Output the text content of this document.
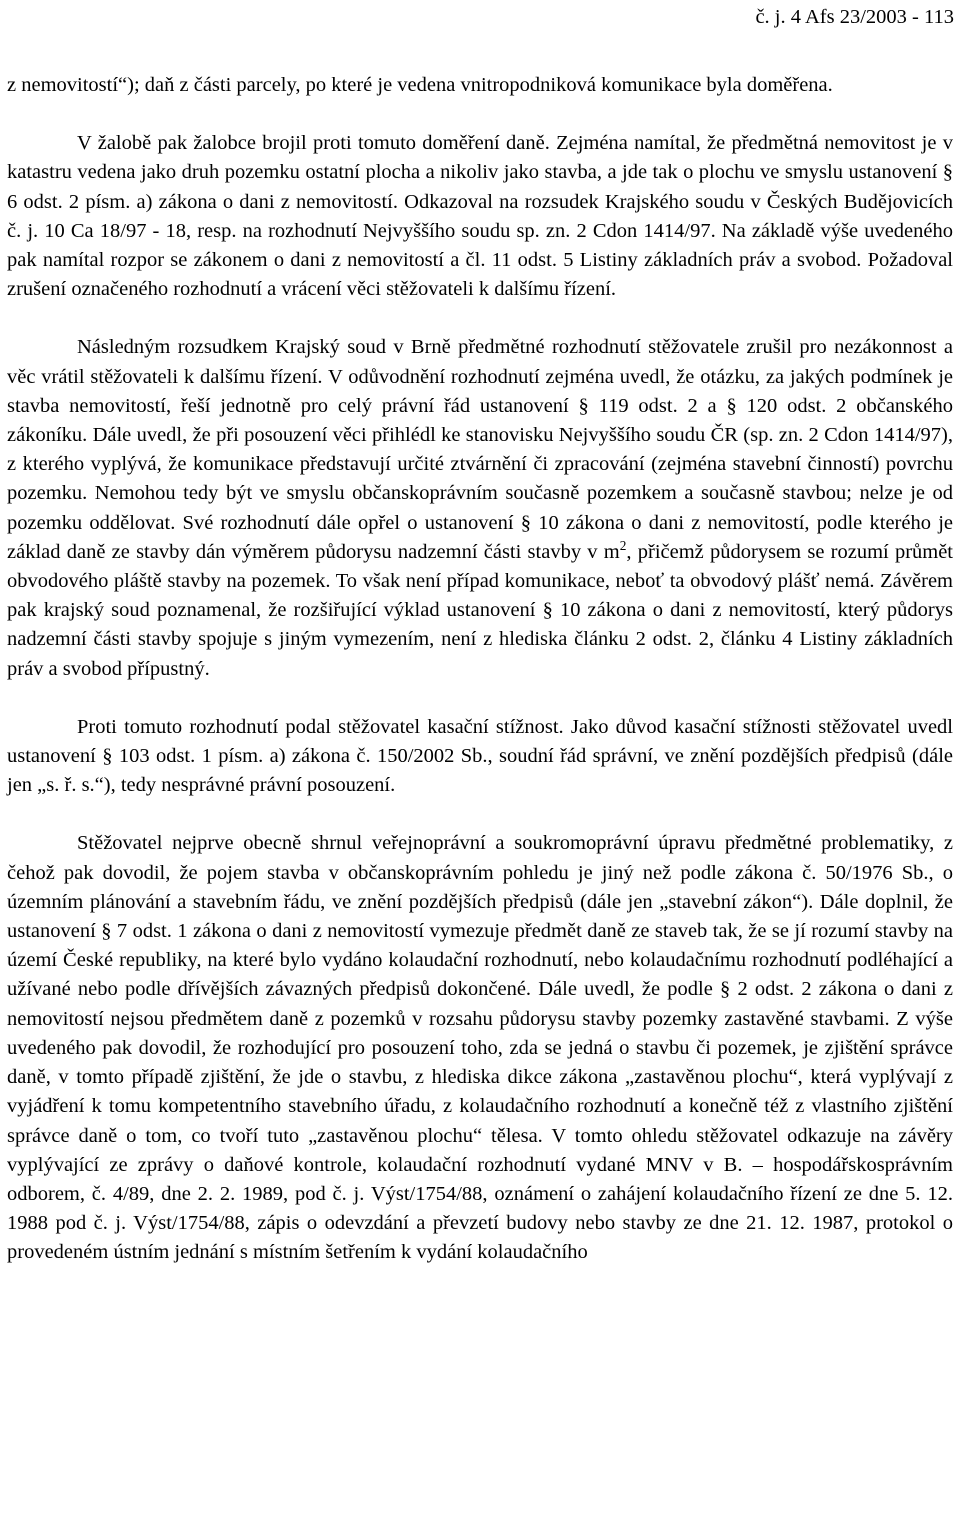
č. j. 4 Afs 23/2003 - 113

z nemovitostí“); daň z části parcely, po které je vedena vnitropodniková komunikace byla doměřena.

V žalobě pak žalobce brojil proti tomuto doměření daně. Zejména namítal, že předmětná nemovitost je v katastru vedena jako druh pozemku ostatní plocha a nikoliv jako stavba, a jde tak o plochu ve smyslu ustanovení § 6 odst. 2 písm. a) zákona o dani z nemovitostí. Odkazoval na rozsudek Krajského soudu v Českých Budějovicích č. j. 10 Ca 18/97 - 18, resp. na rozhodnutí Nejvyššího soudu sp. zn. 2 Cdon 1414/97. Na základě výše uvedeného pak namítal rozpor se zákonem o dani z nemovitostí a čl. 11 odst. 5 Listiny základních práv a svobod. Požadoval zrušení označeného rozhodnutí a vrácení věci stěžovateli k dalšímu řízení.

Následným rozsudkem Krajský soud v Brně předmětné rozhodnutí stěžovatele zrušil pro nezákonnost a věc vrátil stěžovateli k dalšímu řízení. V odůvodnění rozhodnutí zejména uvedl, že otázku, za jakých podmínek je stavba nemovitostí, řeší jednotně pro celý právní řád ustanovení § 119 odst. 2 a § 120 odst. 2 občanského zákoníku. Dále uvedl, že při posouzení věci přihlédl ke stanovisku Nejvyššího soudu ČR (sp. zn. 2 Cdon 1414/97), z kterého vyplývá, že komunikace představují určité ztvárnění či zpracování (zejména stavební činností) povrchu pozemku. Nemohou tedy být ve smyslu občanskoprávním současně pozemkem a současně stavbou; nelze je od pozemku oddělovat. Své rozhodnutí dále opřel o ustanovení § 10 zákona o dani z nemovitostí, podle kterého je základ daně ze stavby dán výměrem půdorysu nadzemní části stavby v $m^2$, přičemž půdorysem se rozumí průmět obvodového pláště stavby na pozemek. To však není případ komunikace, neboť ta obvodový plášť nemá. Závěrem pak krajský soud poznamenal, že rozšiřující výklad ustanovení § 10 zákona o dani z nemovitostí, který půdorys nadzemní části stavby spojuje s jiným vymezením, není z hlediska článku 2 odst. 2, článku 4 Listiny základních práv a svobod přípustný.

Proti tomuto rozhodnutí podal stěžovatel kasační stížnost. Jako důvod kasační stížnosti stěžovatel uvedl ustanovení § 103 odst. 1 písm. a) zákona č. 150/2002 Sb., soudní řád správní, ve znění pozdějších předpisů (dále jen „s. ř. s.“), tedy nesprávné právní posouzení.

Stěžovatel nejprve obecně shrnul veřejnoprávní a soukromoprávní úpravu předmětné problematiky, z čehož pak dovodil, že pojem stavba v občanskoprávním pohledu je jiný než podle zákona č. 50/1976 Sb., o územním plánování a stavebním řádu, ve znění pozdějších předpisů (dále jen „stavební zákon“). Dále doplnil, že ustanovení § 7 odst. 1 zákona o dani z nemovitostí vymezuje předmět daně ze staveb tak, že se jí rozumí stavby na území České republiky, na které bylo vydáno kolaudační rozhodnutí, nebo kolaudačnímu rozhodnutí podléhající a užívané nebo podle dřívějších závazných předpisů dokončené. Dále uvedl, že podle § 2 odst. 2 zákona o dani z nemovitostí nejsou předmětem daně z pozemků v rozsahu půdorysu stavby pozemky zastavěné stavbami. Z výše uvedeného pak dovodil, že rozhodující pro posouzení toho, zda se jedná o stavbu či pozemek, je zjištění správce daně, v tomto případě zjištění, že jde o stavbu, z hlediska dikce zákona „zastavěnou plochu“, která vyplývají z vyjádření k tomu kompetentního stavebního úřadu, z kolaudačního rozhodnutí a konečně též z vlastního zjištění správce daně o tom, co tvoří tuto „zastavěnou plochu“ tělesa. V tomto ohledu stěžovatel odkazuje na závěry vyplývající ze zprávy o daňové kontrole, kolaudační rozhodnutí vydané MNV v B. – hospodářskosprávním odborem, č. 4/89, dne 2. 2. 1989, pod č. j. Výst/1754/88, oznámení o zahájení kolaudačního řízení ze dne 5. 12. 1988 pod č. j. Výst/1754/88, zápis o odevzdání a převzetí budovy nebo stavby ze dne 21. 12. 1987, protokol o provedeném ústním jednání s místním šetřením k vydání kolaudačního
